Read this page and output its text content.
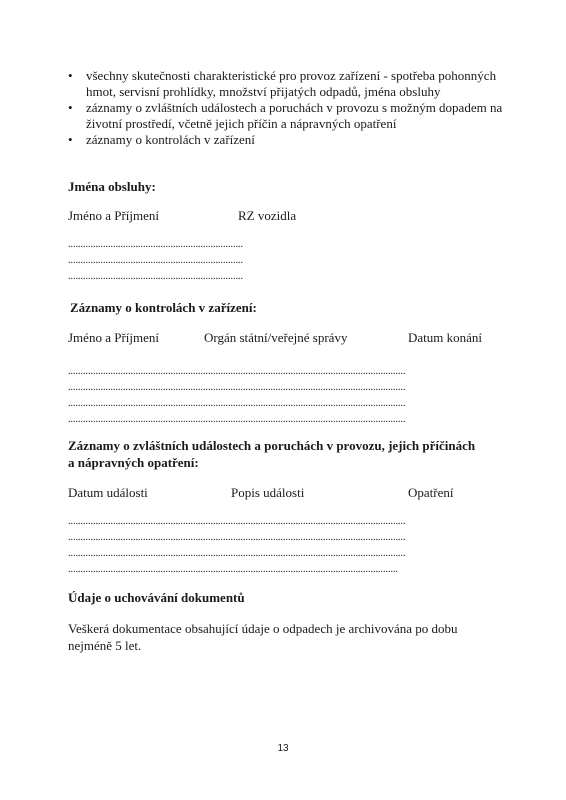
• všechny skutečnosti charakteristické pro provoz zařízení - spotřeba pohonných hmot, servisní prohlídky, množství přijatých odpadů, jména obsluhy
• záznamy o zvláštních událostech a poruchách v provozu s možným dopadem na životní prostředí, včetně jejich příčin a nápravných opatření
• záznamy o kontrolách v zařízení

Jména obsluhy:

Jméno a Příjmení	RZ vozidla
......................................................................
......................................................................
......................................................................

Záznamy o kontrolách v zařízení:

Jméno a Příjmení	Orgán státní/veřejné správy	Datum konání
.......................................................................................................................................
.......................................................................................................................................
.......................................................................................................................................
.......................................................................................................................................

Záznamy o zvláštních událostech a poruchách v provozu, jejich příčinách

a nápravných opatření:

Datum události	Popis události	Opatření
.......................................................................................................................................
.......................................................................................................................................
.......................................................................................................................................
....................................................................................................................................

Údaje o uchovávání dokumentů

Veškerá dokumentace obsahující údaje o odpadech je archivována po dobu nejméně 5 let.

13
